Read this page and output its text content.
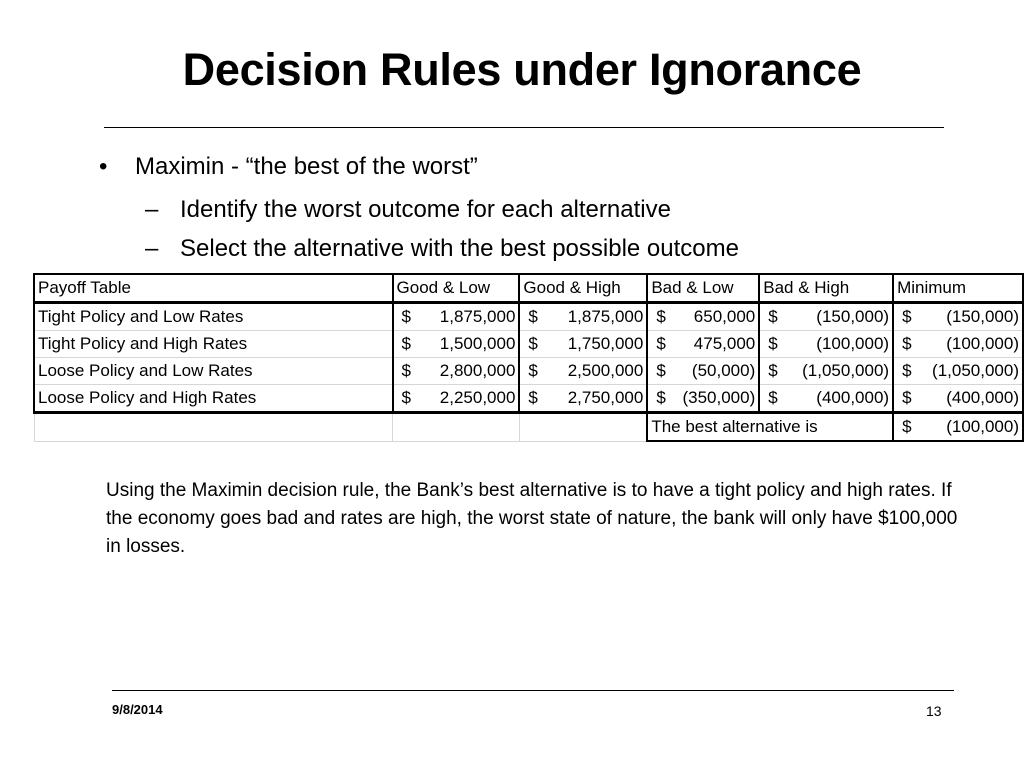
Decision Rules under Ignorance
• Maximin - “the best of the worst”
– Identify the worst outcome for each alternative
– Select the alternative with the best possible outcome
Payoff Table	Good & Low	Good & High	Bad & Low	Bad & High	Minimum
Tight Policy and Low Rates	$ 1,875,000	$ 1,875,000	$ 650,000	$ (150,000)	$ (150,000)
Tight Policy and High Rates	$ 1,500,000	$ 1,750,000	$ 475,000	$ (100,000)	$ (100,000)
Loose Policy and Low Rates	$ 2,800,000	$ 2,500,000	$ (50,000)	$ (1,050,000)	$ (1,050,000)
Loose Policy and High Rates	$ 2,250,000	$ 2,750,000	$ (350,000)	$ (400,000)	$ (400,000)
			The best alternative is		$ (100,000)
Using the Maximin decision rule, the Bank’s best alternative is to have a tight policy and high rates. If the economy goes bad and rates are high, the worst state of nature, the bank will only have $100,000 in losses.
9/8/2014	13
